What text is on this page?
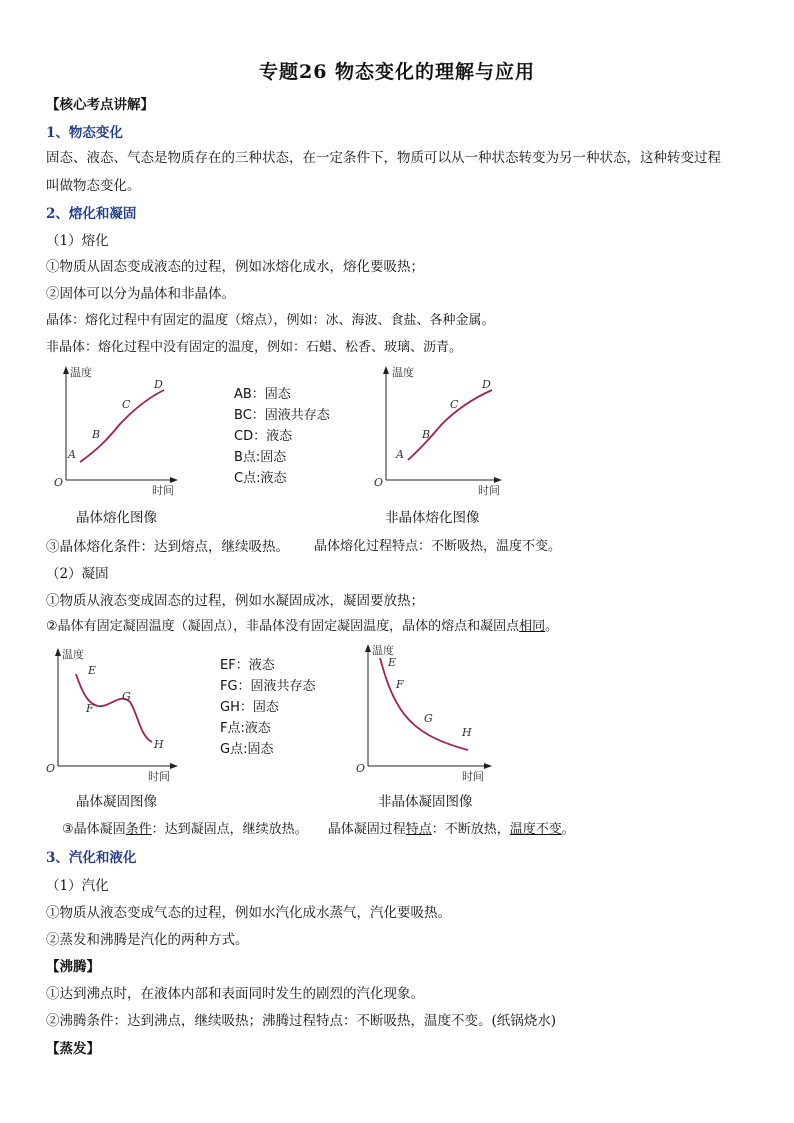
专题26 物态变化的理解与应用
【核心考点讲解】
1、物态变化
固态、液态、气态是物质存在的三种状态，在一定条件下，物质可以从一种状态转变为另一种状态，这种转变过程
叫做物态变化。
2、熔化和凝固
（1）熔化
①物质从固态变成液态的过程，例如冰熔化成水，熔化要吸热；
②固体可以分为晶体和非晶体。
晶体：熔化过程中有固定的温度（熔点），例如：冰、海波、食盐、各种金属。
非晶体：熔化过程中没有固定的温度，例如：石蜡、松香、玻璃、沥青。
温度
时间
O
A
B
C
D
AB：固态
BC：固液共存态
CD：液态
B点:固态
C点:液态
温度
时间
O
A
B
C
D
晶体熔化图像	非晶体熔化图像
③晶体熔化条件：达到熔点，继续吸热。 晶体熔化过程特点：不断吸热，温度不变。
（2）凝固
①物质从液态变成固态的过程，例如水凝固成冰，凝固要放热；
②晶体有固定凝固温度（凝固点），非晶体没有固定凝固温度，晶体的熔点和凝固点相同。
温度
时间
O
E
F
G
H
EF：液态
FG：固液共存态
GH：固态
F点:液态
G点:固态
温度
时间
O
E
F
G
H
晶体凝固图像	非晶体凝固图像
③晶体凝固条件：达到凝固点，继续放热。 晶体凝固过程特点：不断放热，温度不变。
3、汽化和液化
（1）汽化
①物质从液态变成气态的过程，例如水汽化成水蒸气，汽化要吸热。
②蒸发和沸腾是汽化的两种方式。
【沸腾】
①达到沸点时，在液体内部和表面同时发生的剧烈的汽化现象。
②沸腾条件：达到沸点，继续吸热；沸腾过程特点：不断吸热，温度不变。(纸锅烧水)
【蒸发】
